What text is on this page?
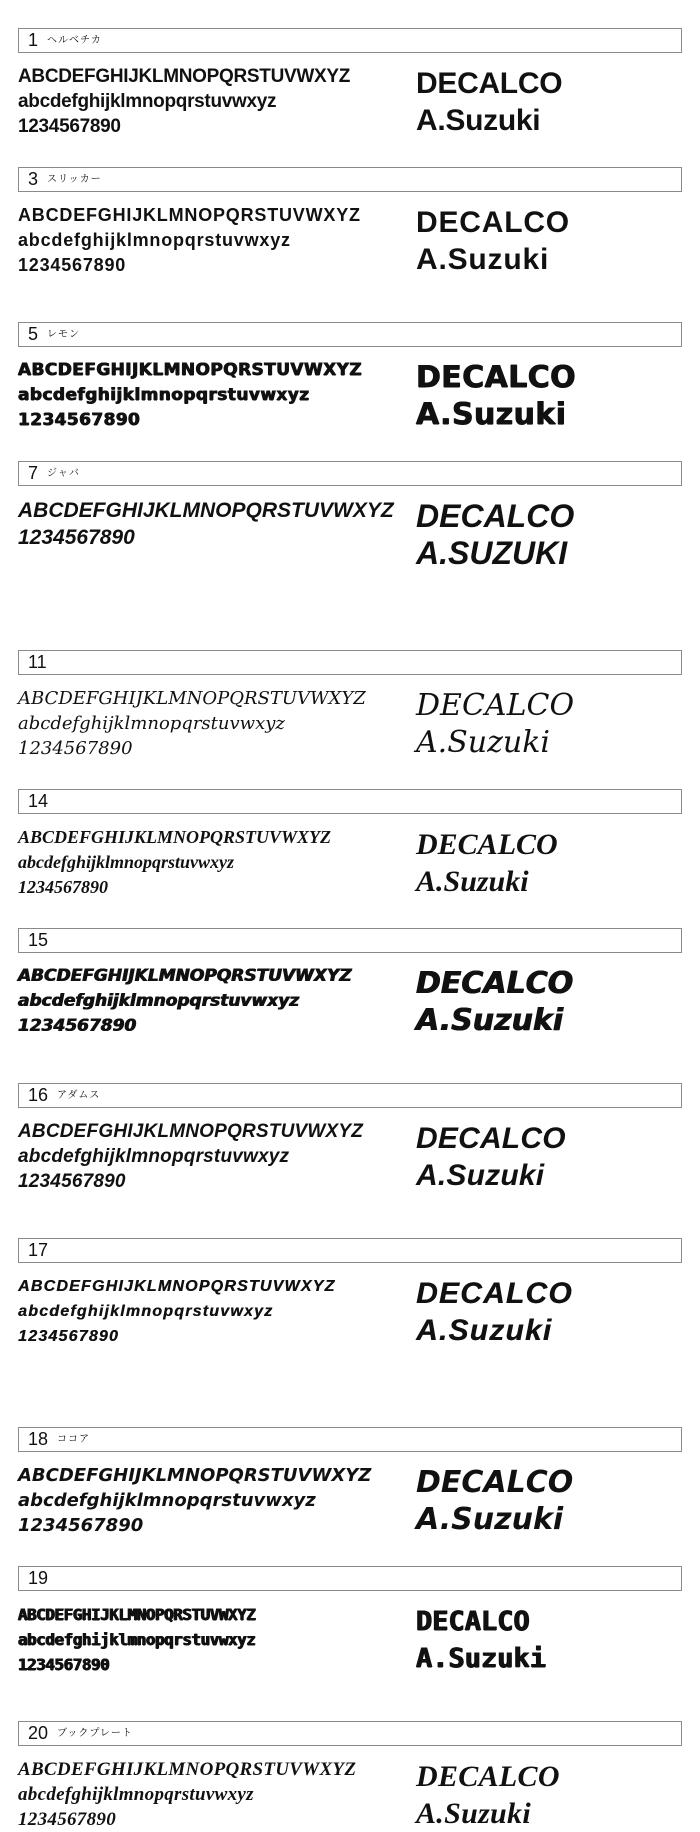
1 ヘルベチカ
ABCDEFGHIJKLMNOPQRSTUVWXYZ
abcdefghijklmnopqrstuvwxyz
1234567890
DECALCO
A.Suzuki
3 スリッカー
ABCDEFGHIJKLMNOPQRSTUVWXYZ
abcdefghijklmnopqrstuvwxyz
1234567890
DECALCO
A.Suzuki
5 レモン
ABCDEFGHIJKLMNOPQRSTUVWXYZ
abcdefghijklmnopqrstuvwxyz
1234567890
DECALCO
A.Suzuki
7 ジャバ
ABCDEFGHIJKLMNOPQRSTUVWXYZ
1234567890
DECALCO
A.SUZUKI
11
ABCDEFGHIJKLMNOPQRSTUVWXYZ
abcdefghijklmnopqrstuvwxyz
1234567890
DECALCO
A.Suzuki
14
ABCDEFGHIJKLMNOPQRSTUVWXYZ
abcdefghijklmnopqrstuvwxyz
1234567890
DECALCO
A.Suzuki
15
ABCDEFGHIJKLMNOPQRSTUVWXYZ
abcdefghijklmnopqrstuvwxyz
1234567890
DECALCO
A.Suzuki
16 アダムス
ABCDEFGHIJKLMNOPQRSTUVWXYZ
abcdefghijklmnopqrstuvwxyz
1234567890
DECALCO
A.Suzuki
17
ABCDEFGHIJKLMNOPQRSTUVWXYZ
abcdefghijklmnopqrstuvwxyz
1234567890
DECALCO
A.Suzuki
18 ココア
ABCDEFGHIJKLMNOPQRSTUVWXYZ
abcdefghijklmnopqrstuvwxyz
1234567890
DECALCO
A.Suzuki
19
ABCDEFGHIJKLMNOPQRSTUVWXYZ
abcdefghijklmnopqrstuvwxyz
1234567890
DECALCO
A.Suzuki
20 ブックプレート
ABCDEFGHIJKLMNOPQRSTUVWXYZ
abcdefghijklmnopqrstuvwxyz
1234567890
DECALCO
A.Suzuki
